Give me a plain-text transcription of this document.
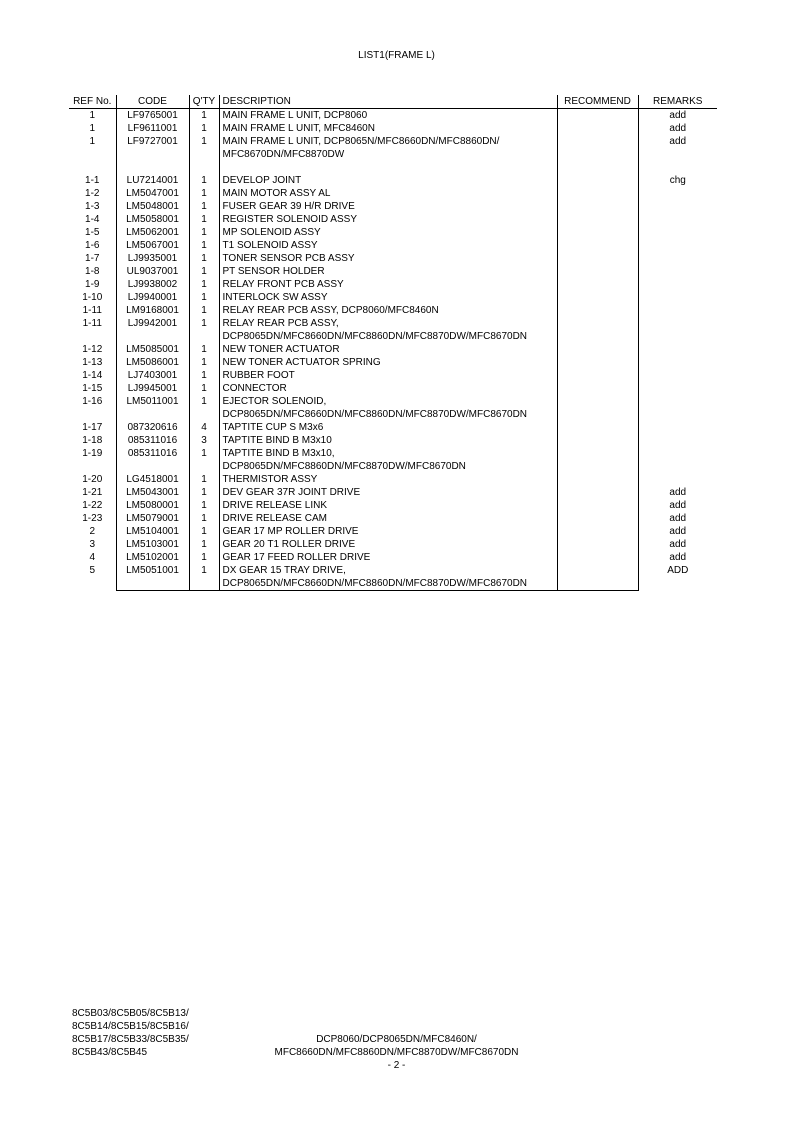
LIST1(FRAME L)
REF No.	CODE	Q'TY	DESCRIPTION	RECOMMEND	REMARKS
1	LF9765001	1	MAIN FRAME L UNIT, DCP8060		add
1	LF9611001	1	MAIN FRAME L UNIT, MFC8460N		add
1	LF9727001	1	MAIN FRAME L UNIT, DCP8065N/MFC8660DN/MFC8860DN/		add
			MFC8670DN/MFC8870DW		

1-1	LU7214001	1	DEVELOP JOINT		chg
1-2	LM5047001	1	MAIN MOTOR ASSY AL		
1-3	LM5048001	1	FUSER GEAR 39 H/R DRIVE		
1-4	LM5058001	1	REGISTER SOLENOID ASSY		
1-5	LM5062001	1	MP SOLENOID ASSY		
1-6	LM5067001	1	T1 SOLENOID ASSY		
1-7	LJ9935001	1	TONER SENSOR PCB ASSY		
1-8	UL9037001	1	PT SENSOR HOLDER		
1-9	LJ9938002	1	RELAY FRONT PCB ASSY		
1-10	LJ9940001	1	INTERLOCK SW ASSY		
1-11	LM9168001	1	RELAY REAR PCB ASSY, DCP8060/MFC8460N		
1-11	LJ9942001	1	RELAY REAR PCB ASSY,		
			DCP8065DN/MFC8660DN/MFC8860DN/MFC8870DW/MFC8670DN		
1-12	LM5085001	1	NEW TONER ACTUATOR		
1-13	LM5086001	1	NEW TONER ACTUATOR SPRING		
1-14	LJ7403001	1	RUBBER FOOT		
1-15	LJ9945001	1	CONNECTOR		
1-16	LM5011001	1	EJECTOR SOLENOID,		
			DCP8065DN/MFC8660DN/MFC8860DN/MFC8870DW/MFC8670DN		
1-17	087320616	4	TAPTITE CUP S M3x6		
1-18	085311016	3	TAPTITE BIND B M3x10		
1-19	085311016	1	TAPTITE BIND B M3x10,		
			DCP8065DN/MFC8860DN/MFC8870DW/MFC8670DN		
1-20	LG4518001	1	THERMISTOR ASSY		
1-21	LM5043001	1	DEV GEAR 37R JOINT DRIVE		add
1-22	LM5080001	1	DRIVE RELEASE LINK		add
1-23	LM5079001	1	DRIVE RELEASE CAM		add
2	LM5104001	1	GEAR 17 MP ROLLER DRIVE		add
3	LM5103001	1	GEAR 20 T1 ROLLER DRIVE		add
4	LM5102001	1	GEAR 17 FEED ROLLER DRIVE		add
5	LM5051001	1	DX GEAR 15 TRAY DRIVE,		ADD
			DCP8065DN/MFC8660DN/MFC8860DN/MFC8870DW/MFC8670DN		
8C5B03/8C5B05/8C5B13/
8C5B14/8C5B15/8C5B16/
8C5B17/8C5B33/8C5B35/
8C5B43/8C5B45
DCP8060/DCP8065DN/MFC8460N/
MFC8660DN/MFC8860DN/MFC8870DW/MFC8670DN
- 2 -
